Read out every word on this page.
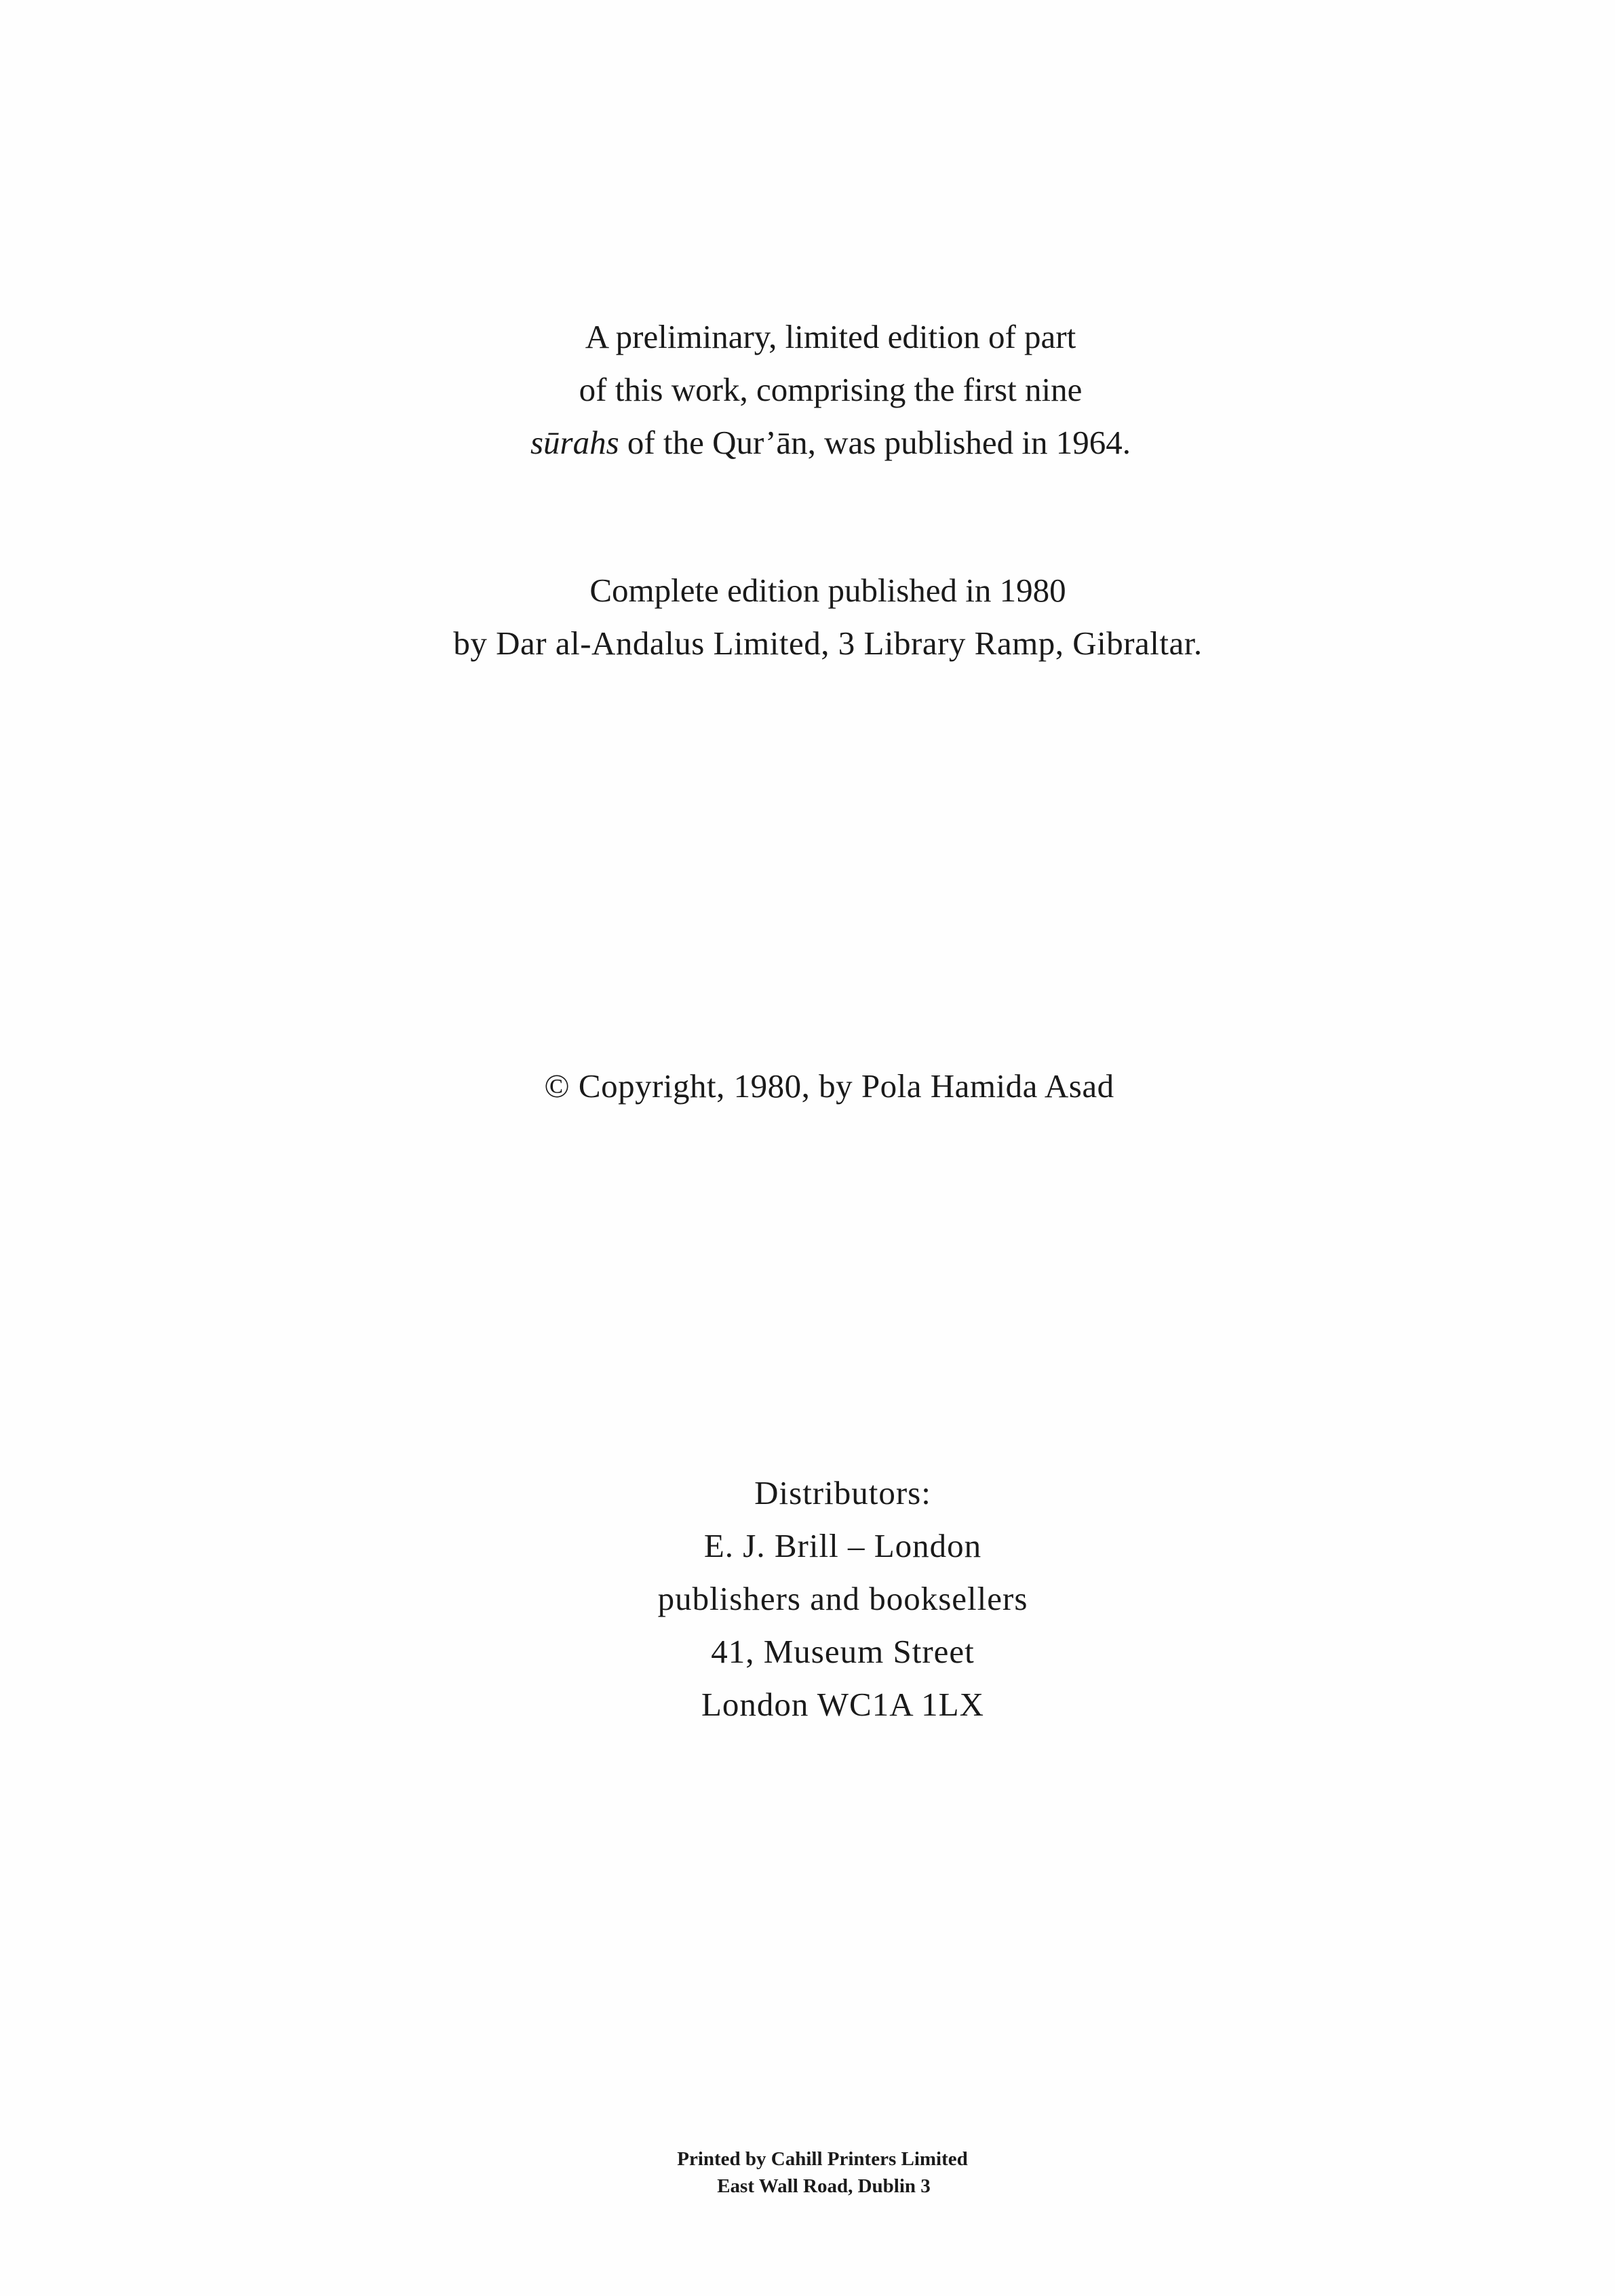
A preliminary, limited edition of part
of this work, comprising the first nine
sūrahs of the Qur’ān, was published in 1964.
Complete edition published in 1980
by Dar al-Andalus Limited, 3 Library Ramp, Gibraltar.
© Copyright, 1980, by Pola Hamida Asad
Distributors:
E. J. Brill – London
publishers and booksellers
41, Museum Street
London WC1A 1LX
Printed by Cahill Printers Limited
East Wall Road, Dublin 3
